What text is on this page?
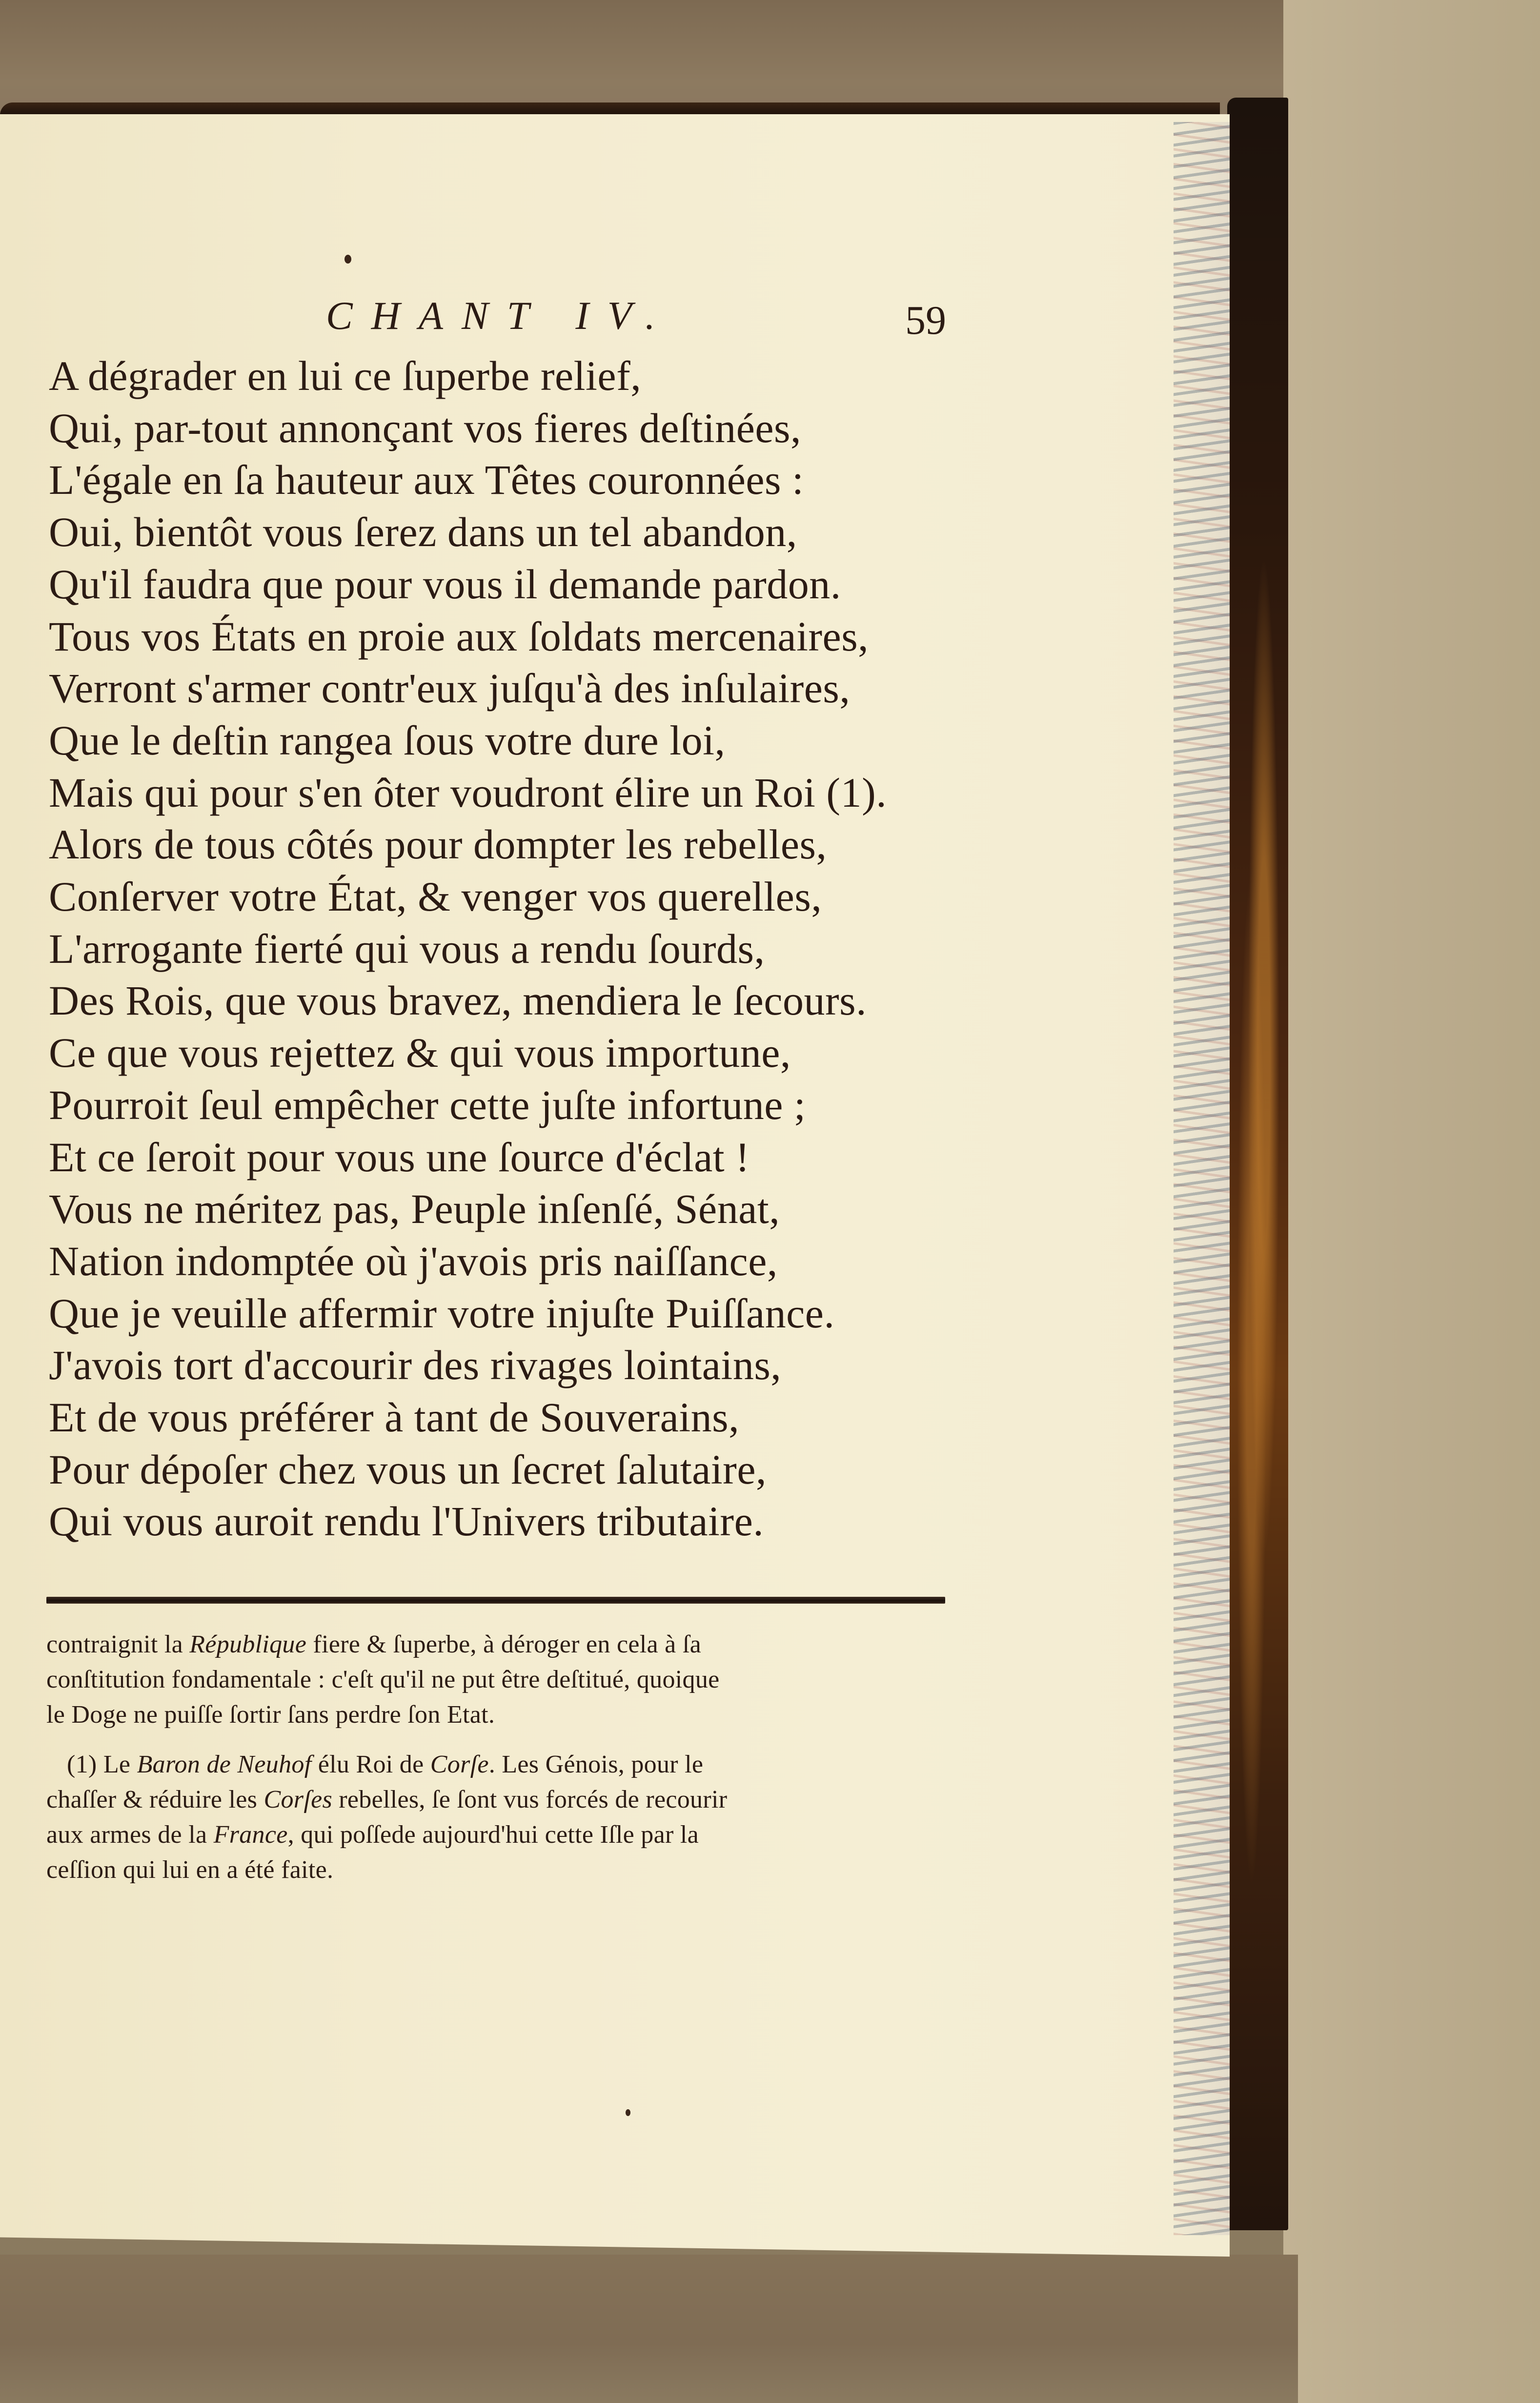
CHANT IV.	59
A dégrader en lui ce ſuperbe relief,
Qui, par-tout annonçant vos fieres deſtinées,
L'égale en ſa hauteur aux Têtes couronnées :
Oui, bientôt vous ſerez dans un tel abandon,
Qu'il faudra que pour vous il demande pardon.
Tous vos États en proie aux ſoldats mercenaires,
Verront s'armer contr'eux juſqu'à des inſulaires,
Que le deſtin rangea ſous votre dure loi,
Mais qui pour s'en ôter voudront élire un Roi (1).
Alors de tous côtés pour dompter les rebelles,
Conſerver votre État, & venger vos querelles,
L'arrogante fierté qui vous a rendu ſourds,
Des Rois, que vous bravez, mendiera le ſecours.
Ce que vous rejettez & qui vous importune,
Pourroit ſeul empêcher cette juſte infortune ;
Et ce ſeroit pour vous une ſource d'éclat !
Vous ne méritez pas, Peuple inſenſé, Sénat,
Nation indomptée où j'avois pris naiſſance,
Que je veuille affermir votre injuſte Puiſſance.
J'avois tort d'accourir des rivages lointains,
Et de vous préférer à tant de Souverains,
Pour dépoſer chez vous un ſecret ſalutaire,
Qui vous auroit rendu l'Univers tributaire.
contraignit la République fiere & ſuperbe, à déroger en cela à ſa
conſtitution fondamentale : c'eſt qu'il ne put être deſtitué, quoique
le Doge ne puiſſe ſortir ſans perdre ſon Etat.
(1) Le Baron de Neuhof élu Roi de Corſe. Les Génois, pour le
chaſſer & réduire les Corſes rebelles, ſe ſont vus forcés de recourir
aux armes de la France, qui poſſede aujourd'hui cette Iſle par la
ceſſion qui lui en a été faite.
